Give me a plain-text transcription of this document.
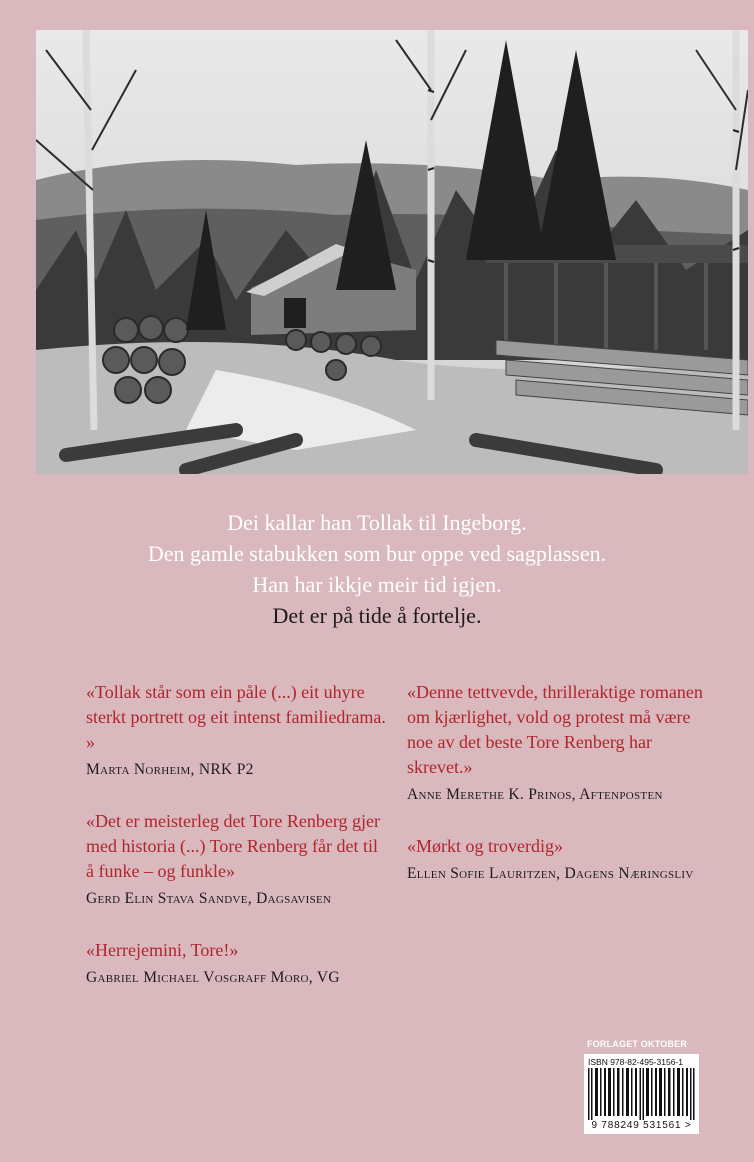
Dei kallar han Tollak til Ingeborg.
Den gamle stabukken som bur oppe ved sagplassen.
Han har ikkje meir tid igjen.
Det er på tide å fortelje.
«Tollak står som ein påle (...) eit uhyre sterkt portrett og eit intenst familiedrama. »
Marta Norheim, NRK P2
«Det er meisterleg det Tore Renberg gjer med historia (...) Tore Renberg får det til å funke – og funkle»
Gerd Elin Stava Sandve, Dagsavisen
«Herrejemini, Tore!»
Gabriel Michael Vosgraff Moro, VG
«Denne tettvevde, thrilleraktige romanen om kjærlighet, vold og protest må være noe av det beste Tore Renberg har skrevet.»
Anne Merethe K. Prinos, Aftenposten
«Mørkt og troverdig»
Ellen Sofie Lauritzen, Dagens Næringsliv
FORLAGET OKTOBER
ISBN 978-82-495-3156-1
9 788249 531561 >
